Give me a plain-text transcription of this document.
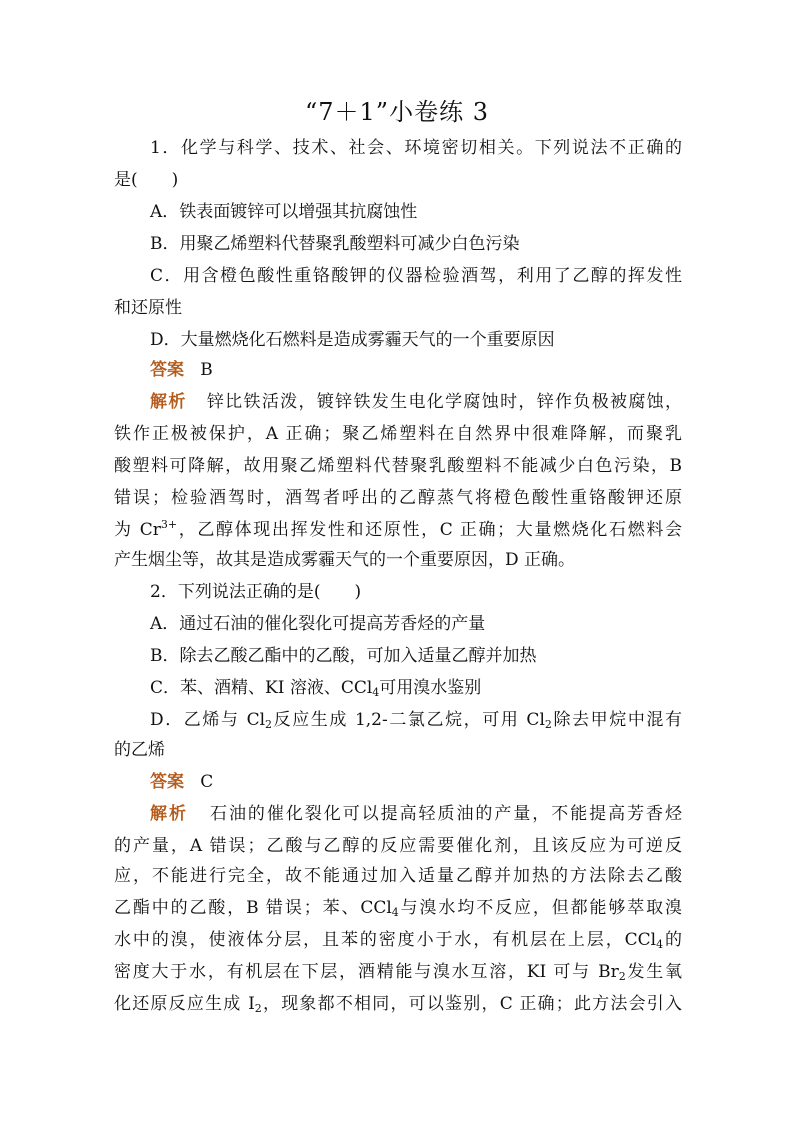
“7＋1”小卷练 3
1．化学与科学、技术、社会、环境密切相关。下列说法不正确的
是(　　)
A．铁表面镀锌可以增强其抗腐蚀性
B．用聚乙烯塑料代替聚乳酸塑料可减少白色污染
C．用含橙色酸性重铬酸钾的仪器检验酒驾，利用了乙醇的挥发性
和还原性
D．大量燃烧化石燃料是造成雾霾天气的一个重要原因
答案 B
解析 锌比铁活泼，镀锌铁发生电化学腐蚀时，锌作负极被腐蚀，
铁作正极被保护，A 正确；聚乙烯塑料在自然界中很难降解，而聚乳
酸塑料可降解，故用聚乙烯塑料代替聚乳酸塑料不能减少白色污染，B
错误；检验酒驾时，酒驾者呼出的乙醇蒸气将橙色酸性重铬酸钾还原
为 $Cr^{3+}$，乙醇体现出挥发性和还原性，C 正确；大量燃烧化石燃料会
产生烟尘等，故其是造成雾霾天气的一个重要原因，D 正确。
2．下列说法正确的是(　　)
A．通过石油的催化裂化可提高芳香烃的产量
B．除去乙酸乙酯中的乙酸，可加入适量乙醇并加热
C．苯、酒精、KI 溶液、CCl$_4$可用溴水鉴别
D．乙烯与 $Cl_2$反应生成 1,2-二氯乙烷，可用 $Cl_2$除去甲烷中混有
的乙烯
答案 C
解析 石油的催化裂化可以提高轻质油的产量，不能提高芳香烃
的产量，A 错误；乙酸与乙醇的反应需要催化剂，且该反应为可逆反
应，不能进行完全，故不能通过加入适量乙醇并加热的方法除去乙酸
乙酯中的乙酸，B 错误；苯、CCl$_4$与溴水均不反应，但都能够萃取溴
水中的溴，使液体分层，且苯的密度小于水，有机层在上层，CCl$_4$的
密度大于水，有机层在下层，酒精能与溴水互溶，KI 可与 $Br_2$发生氧
化还原反应生成 $I_2$，现象都不相同，可以鉴别，C 正确；此方法会引入
